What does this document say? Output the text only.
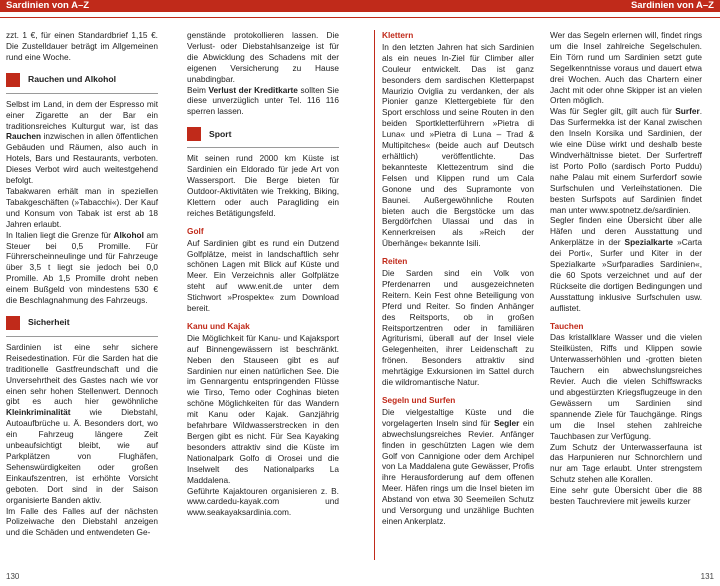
Sardinien von A–Z

zzt. 1 €, für einen Standardbrief 1,15 €. Die Zustelldauer beträgt im Allgemeinen rund eine Woche.

Rauchen und Alkohol

Selbst im Land, in dem der Espresso mit einer Zigarette an der Bar ein traditionsreiches Kulturgut war, ist das Rauchen inzwischen in allen öffentlichen Gebäuden und Räumen, also auch in Hotels, Bars und Restaurants, verboten. Dieses Verbot wird auch weitestgehend befolgt.

Tabakwaren erhält man in speziellen Tabakgeschäften (»Tabacchi«). Der Kauf und Konsum von Tabak ist erst ab 18 Jahren erlaubt.

In Italien liegt die Grenze für Alkohol am Steuer bei 0,5 Promille. Für Führerscheinneulinge und für Fahrzeuge über 3,5 t liegt sie jedoch bei 0,0 Promille. Ab 1,5 Promille droht neben einem Bußgeld von mindestens 530 € die Beschlagnahmung des Fahrzeugs.

Sicherheit

Sardinien ist eine sehr sichere Reisedestination. Für die Sarden hat die traditionelle Gastfreundschaft und die Unversehrtheit des Gastes nach wie vor einen sehr hohen Stellenwert. Dennoch gibt es auch hier gewöhnliche Kleinkriminalität wie Diebstahl, Autoaufbrüche u. Ä. Besonders dort, wo ein Fahrzeug längere Zeit unbeaufsichtigt bleibt, wie auf Parkplätzen von Flughäfen, Sehenswürdigkeiten oder großen Einkaufszentren, ist erhöhte Vorsicht geboten. Dort sind in der Saison organisierte Banden aktiv.

Im Falle des Falles auf der nächsten Polizeiwache den Diebstahl anzeigen und die Schäden und entwendeten Ge-

genstände protokollieren lassen. Die Verlust- oder Diebstahlsanzeige ist für die Abwicklung des Schadens mit der eigenen Versicherung zu Hause unabdingbar.

Beim Verlust der Kreditkarte sollten Sie diese unverzüglich unter Tel. 116 116 sperren lassen.

Sport

Mit seinen rund 2000 km Küste ist Sardinien ein Eldorado für jede Art von Wassersport. Die Berge bieten für Outdoor-Aktivitäten wie Trekking, Biking, Klettern oder auch Paragliding ein reiches Betätigungsfeld.

Golf

Auf Sardinien gibt es rund ein Dutzend Golfplätze, meist in landschaftlich sehr schönen Lagen mit Blick auf Küste und Meer. Ein Verzeichnis aller Golfplätze steht auf www.enit.de unter dem Stichwort »Prospekte« zum Download bereit.

Kanu und Kajak

Die Möglichkeit für Kanu- und Kajaksport auf Binnengewässern ist beschränkt. Neben den Stauseen gibt es auf Sardinien nur einen natürlichen See. Die im Gennargentu entspringenden Flüsse wie Tirso, Temo oder Coghinas bieten schöne Möglichkeiten für das Wandern mit Kanu oder Kajak. Ganzjährig befahrbare Wildwasserstrecken in den Bergen gibt es nicht. Für Sea Kayaking besonders attraktiv sind die Küste im Nationalpark Golfo di Orosei und die Inselwelt des Nationalparks La Maddalena.

Geführte Kajaktouren organisieren z. B. www.cardedu-kayak.com und www.seakayaksardinia.com.

130
Sardinien von A–Z
Klettern

In den letzten Jahren hat sich Sardinien als ein neues In-Ziel für Climber aller Couleur entwickelt. Das ist ganz besonders dem sardischen Kletterpapst Maurizio Oviglia zu verdanken, der als Pionier ganze Klettergebiete für den Sport erschloss und seine Routen in den beiden Sportkletterführern »Pietra di Luna« und »Pietra di Luna – Trad & Multipitches« (beide auch auf Deutsch erhältlich) veröffentlichte. Das bekannteste Klettezentrum sind die Felsen und Klippen rund um Cala Gonone und des Supramonte von Baunei. Außergewöhnliche Routen bieten auch die Bergstöcke um das Bergdörfchen Ulassai und das in Kennerkreisen als »Reich der Überhänge« bekannte Isili.

Reiten

Die Sarden sind ein Volk von Pferdenarren und ausgezeichneten Reitern. Kein Fest ohne Beteiligung von Pferd und Reiter. So finden Anhänger des Reitsports, ob in großen Reitsportzentren oder in familiären Agriturismi, überall auf der Insel viele Gelegenheiten, ihrer Leidenschaft zu frönen. Besonders attraktiv sind mehrtägige Exkursionen im Sattel durch die wildromantische Natur.

Segeln und Surfen

Die vielgestaltige Küste und die vorgelagerten Inseln sind für Segler ein abwechslungsreiches Revier. Anfänger finden in geschützten Lagen wie dem Golf von Cannigione oder dem Archipel von La Maddalena gute Gewässer, Profis ihre Herausforderung auf dem offenen Meer. Häfen rings um die Insel bieten im Abstand von etwa 30 Seemeilen Schutz und Versorgung und unzählige Buchten einen Ankerplatz.

Wer das Segeln erlernen will, findet rings um die Insel zahlreiche Segelschulen. Ein Törn rund um Sardinien setzt gute Segelkenntnisse voraus und dauert etwa drei Wochen. Auch das Chartern einer Jacht mit oder ohne Skipper ist an vielen Orten möglich.

Was für Segler gilt, gilt auch für Surfer. Das Surfermekka ist der Kanal zwischen den Inseln Korsika und Sardinien, der wie eine Düse wirkt und deshalb beste Windverhältnisse bietet. Der Surfertreff ist Porto Pollo (sardisch Porto Puddu) nahe Palau mit einem Surferdorf sowie Surfschulen und Verleihstationen. Die besten Surfspots auf Sardinien findet man unter www.spotnetz.de/sardinien.

Segler finden eine Übersicht über alle Häfen und deren Ausstattung und Ankerplätze in der Spezialkarte »Carta dei Porti«, Surfer und Kiter in der Spezialkarte »Surfparadies Sardinien«, die 60 Spots verzeichnet und auf der Rückseite die dortigen Bedingungen und Ausstattung inklusive Surfschulen usw. auflistet.

Tauchen

Das kristallklare Wasser und die vielen Steilküsten, Riffs und Klippen sowie Unterwasserhöhlen und -grotten bieten Tauchern ein abwechslungsreiches Revier. Auch die vielen Schiffswracks und abgestürzten Kriegsflugzeuge in den Gewässern um Sardinien sind spannende Ziele für Tauchgänge. Rings um die Insel stehen zahlreiche Tauchbasen zur Verfügung.

Zum Schutz der Unterwasserfauna ist das Harpunieren nur Schnorchlern und nur am Tage erlaubt. Unter strengstem Schutz stehen alle Korallen.

Eine sehr gute Übersicht über die 88 besten Tauchreviere mit jeweils kurzer

131
